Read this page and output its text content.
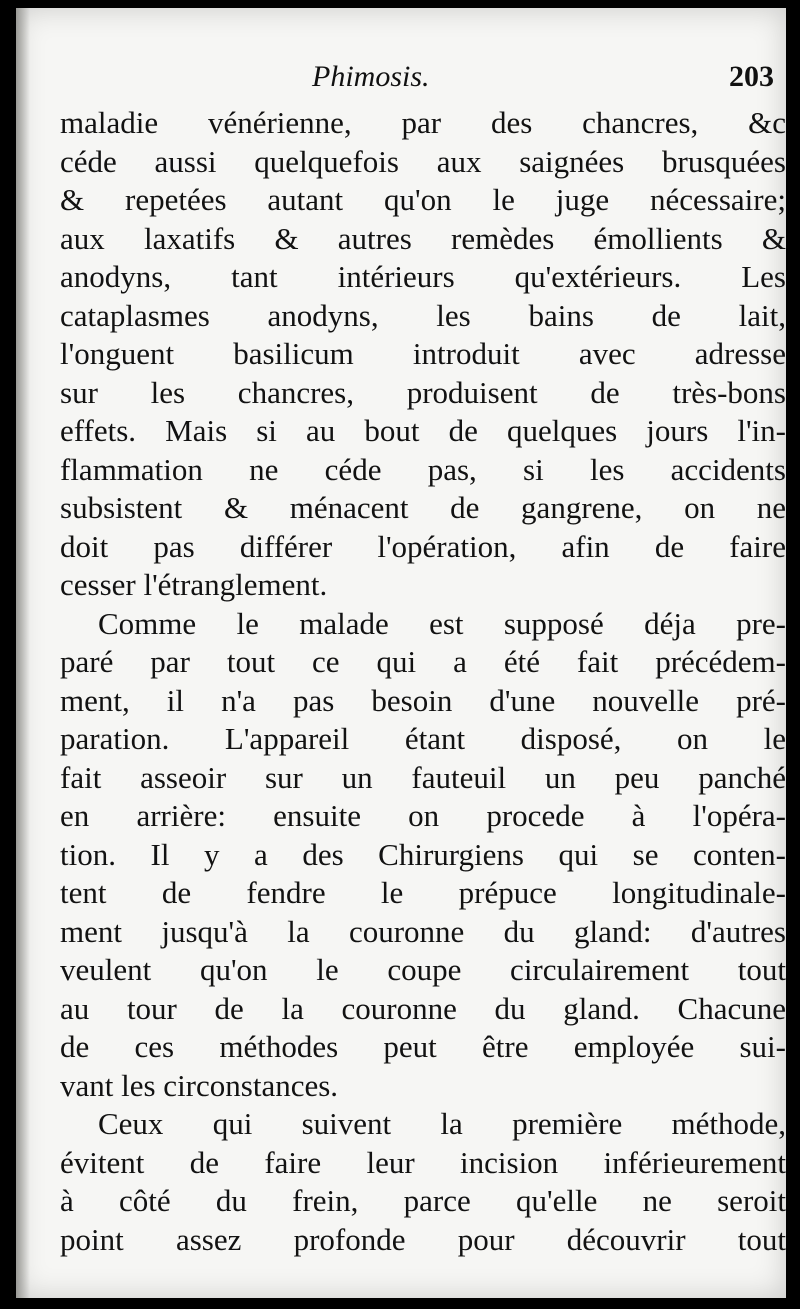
Phimosis.	203
maladie vénérienne, par des chancres, &c
céde aussi quelquefois aux saignées brusquées
& repetées autant qu'on le juge nécessaire;
aux laxatifs & autres remèdes émollients &
anodyns, tant intérieurs qu'extérieurs. Les
cataplasmes anodyns, les bains de lait,
l'onguent basilicum introduit avec adresse
sur les chancres, produisent de très-bons
effets. Mais si au bout de quelques jours l'in-
flammation ne céde pas, si les accidents
subsistent & ménacent de gangrene, on ne
doit pas différer l'opération, afin de faire
cesser l'étranglement.
Comme le malade est supposé déja pre-
paré par tout ce qui a été fait précédem-
ment, il n'a pas besoin d'une nouvelle pré-
paration. L'appareil étant disposé, on le
fait asseoir sur un fauteuil un peu panché
en arrière: ensuite on procede à l'opéra-
tion. Il y a des Chirurgiens qui se conten-
tent de fendre le prépuce longitudinale-
ment jusqu'à la couronne du gland: d'autres
veulent qu'on le coupe circulairement tout
au tour de la couronne du gland. Chacune
de ces méthodes peut être employée sui-
vant les circonstances.
Ceux qui suivent la première méthode,
évitent de faire leur incision inférieurement
à côté du frein, parce qu'elle ne seroit
point assez profonde pour découvrir tout
